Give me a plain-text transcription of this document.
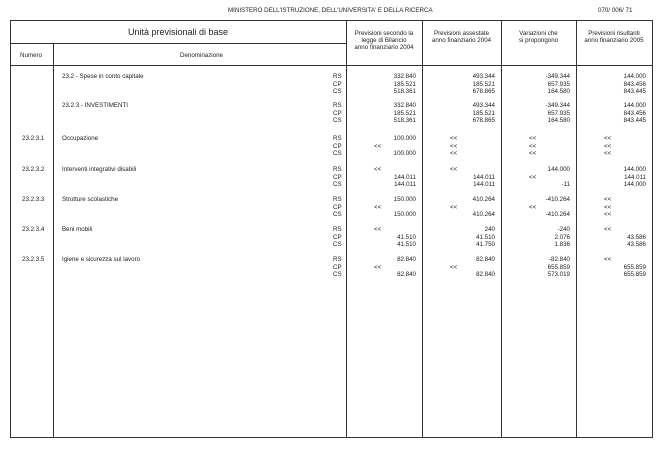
MINISTERO DELL'ISTRUZIONE, DELL'UNIVERSITA' E DELLA RICERCA	070/ 006/ 71
Unità previsionali di base
Numero	Denominazione
Previsioni secondo la
legge di Bilancio
anno finanziario 2004
Previsioni assestate
anno finanziario 2004
Variazioni che
si propongono
Previsioni risultanti
anno finanziario 2005
23.2 - Spese in conto capitale	RS	332.840	493.344	-349.344	144.000
CP	185.521	185.521	657.935	843.456
CS	518.361	678.865	164.580	843.445
23.2.3 - INVESTIMENTI	RS	332.840	493.344	-349.344	144.000
CP	185.521	185.521	657.935	843.456
CS	518.361	678.865	164.580	843.445
23.2.3.1	Occupazione	RS	100.000	<<	<<	<<
CP	<<	<<	<<	<<
CS	100.000	<<	<<	<<
23.2.3.2	Interventi integrativi disabili	RS	<<	<<	144.000	144.000
CP	144.011	144.011	<<	144.011
CS	144.011	144.011	-11	144.000
23.2.3.3	Strutture scolastiche	RS	150.000	410.264	-410.264	<<
CP	<<	<<	<<	<<
CS	150.000	410.264	-410.264	<<
23.2.3.4	Beni mobili	RS	<<	240	-240	<<
CP	41.510	41.510	2.076	43.586
CS	41.510	41.750	1.836	43.586
23.2.3.5	Igiene e sicurezza sul lavoro	RS	82.840	82.840	-82.840	<<
CP	<<	<<	655.859	655.859
CS	82.840	82.840	573.019	655.859
